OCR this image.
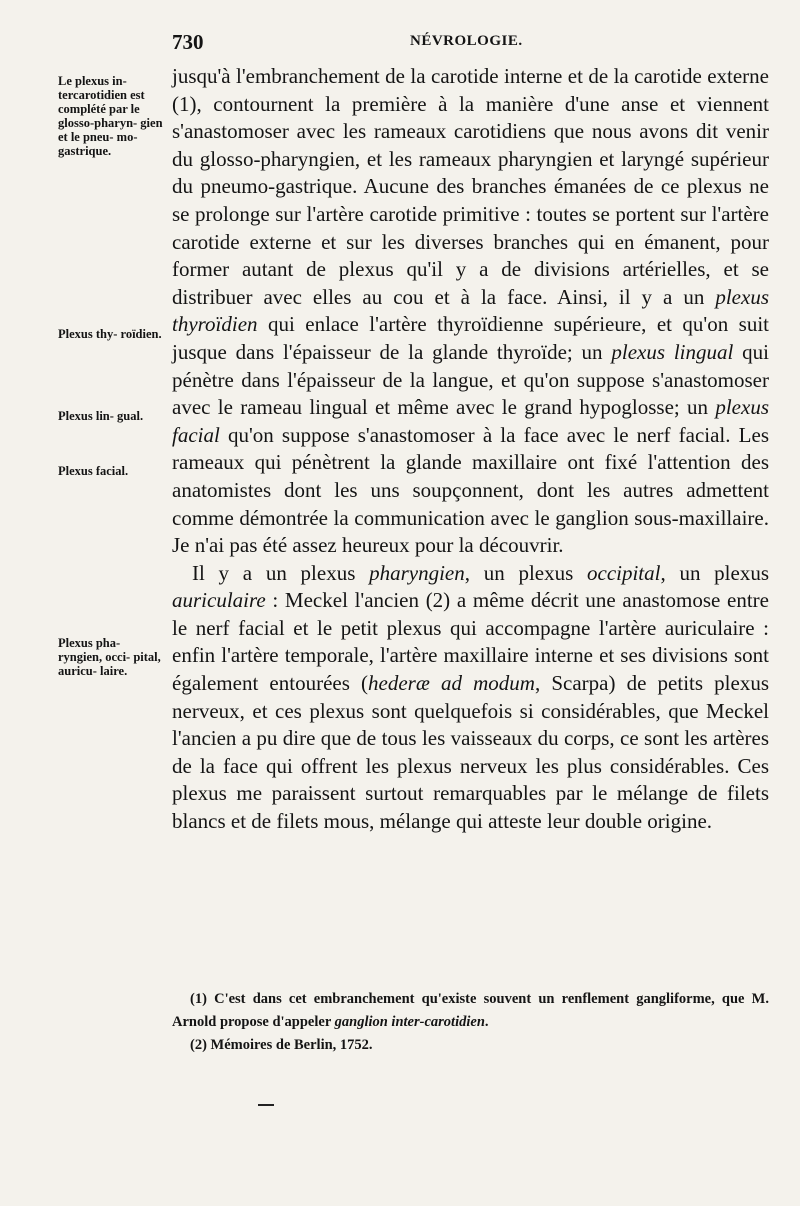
730	NÉVROLOGIE.
Le plexus in- tercarotidien est complété par le glosso-pharyn- gien et le pneu- mo-gastrique.
Plexus thy- roïdien.
Plexus lin- gual.
Plexus facial.
Plexus pha- ryngien, occi- pital, auricu- laire.

jusqu'à l'embranchement de la carotide interne et de la carotide externe (1), contournent la première à la manière d'une anse et viennent s'anastomoser avec les rameaux carotidiens que nous avons dit venir du glosso-pharyngien, et les rameaux pharyngien et laryngé supérieur du pneumo-gastrique. Aucune des branches émanées de ce plexus ne se prolonge sur l'artère carotide primitive : toutes se portent sur l'artère carotide externe et sur les diverses branches qui en émanent, pour former autant de plexus qu'il y a de divisions artérielles, et se distribuer avec elles au cou et à la face. Ainsi, il y a un plexus thyroïdien qui enlace l'artère thyroïdienne supérieure, et qu'on suit jusque dans l'épaisseur de la glande thyroïde; un plexus lingual qui pénètre dans l'épaisseur de la langue, et qu'on suppose s'anastomoser avec le rameau lingual et même avec le grand hypoglosse; un plexus facial qu'on suppose s'anastomoser à la face avec le nerf facial. Les rameaux qui pénètrent la glande maxillaire ont fixé l'attention des anatomistes dont les uns soupçonnent, dont les autres admettent comme démontrée la communication avec le ganglion sous-maxillaire. Je n'ai pas été assez heureux pour la découvrir.

Il y a un plexus pharyngien, un plexus occipital, un plexus auriculaire : Meckel l'ancien (2) a même décrit une anastomose entre le nerf facial et le petit plexus qui accompagne l'artère auriculaire : enfin l'artère temporale, l'artère maxillaire interne et ses divisions sont également entourées (hederæ ad modum, Scarpa) de petits plexus nerveux, et ces plexus sont quelquefois si considérables, que Meckel l'ancien a pu dire que de tous les vaisseaux du corps, ce sont les artères de la face qui offrent les plexus nerveux les plus considérables. Ces plexus me paraissent surtout remarquables par le mélange de filets blancs et de filets mous, mélange qui atteste leur double origine.

(1) C'est dans cet embranchement qu'existe souvent un renflement gangliforme, que M. Arnold propose d'appeler ganglion inter-carotidien.

(2) Mémoires de Berlin, 1752.
